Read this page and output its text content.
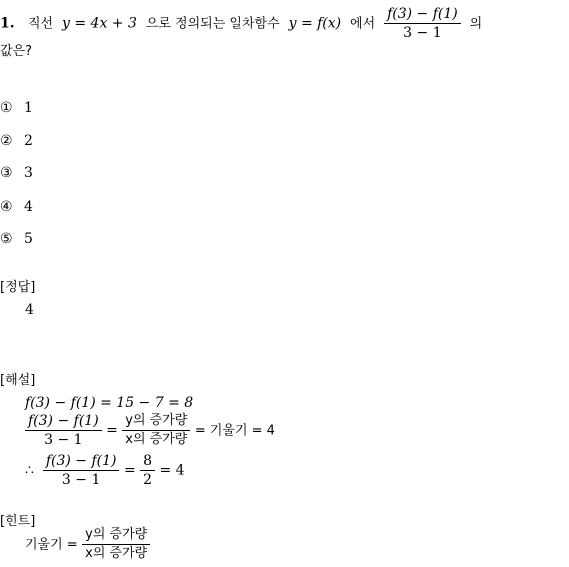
1. 직선 y = 4x + 3 으로 정의되는 일차함수 y = f(x) 에서 $\frac{f(3) - f(1)}{3 - 1}$ 의
값은?
① 1
② 2
③ 3
④ 4
⑤ 5
[정답]
4
[해설]
f(3) − f(1) = 15 − 7 = 8
$\frac{f(3) - f(1)}{3 - 1} = \frac{\text{y의 증가량}}{\text{x의 증가량}}$ = 기울기 = 4
∴ $\frac{f(3) - f(1)}{3 - 1} = \frac{8}{2} = 4$
[힌트]
기울기 = $\frac{\text{y의 증가량}}{\text{x의 증가량}}$
